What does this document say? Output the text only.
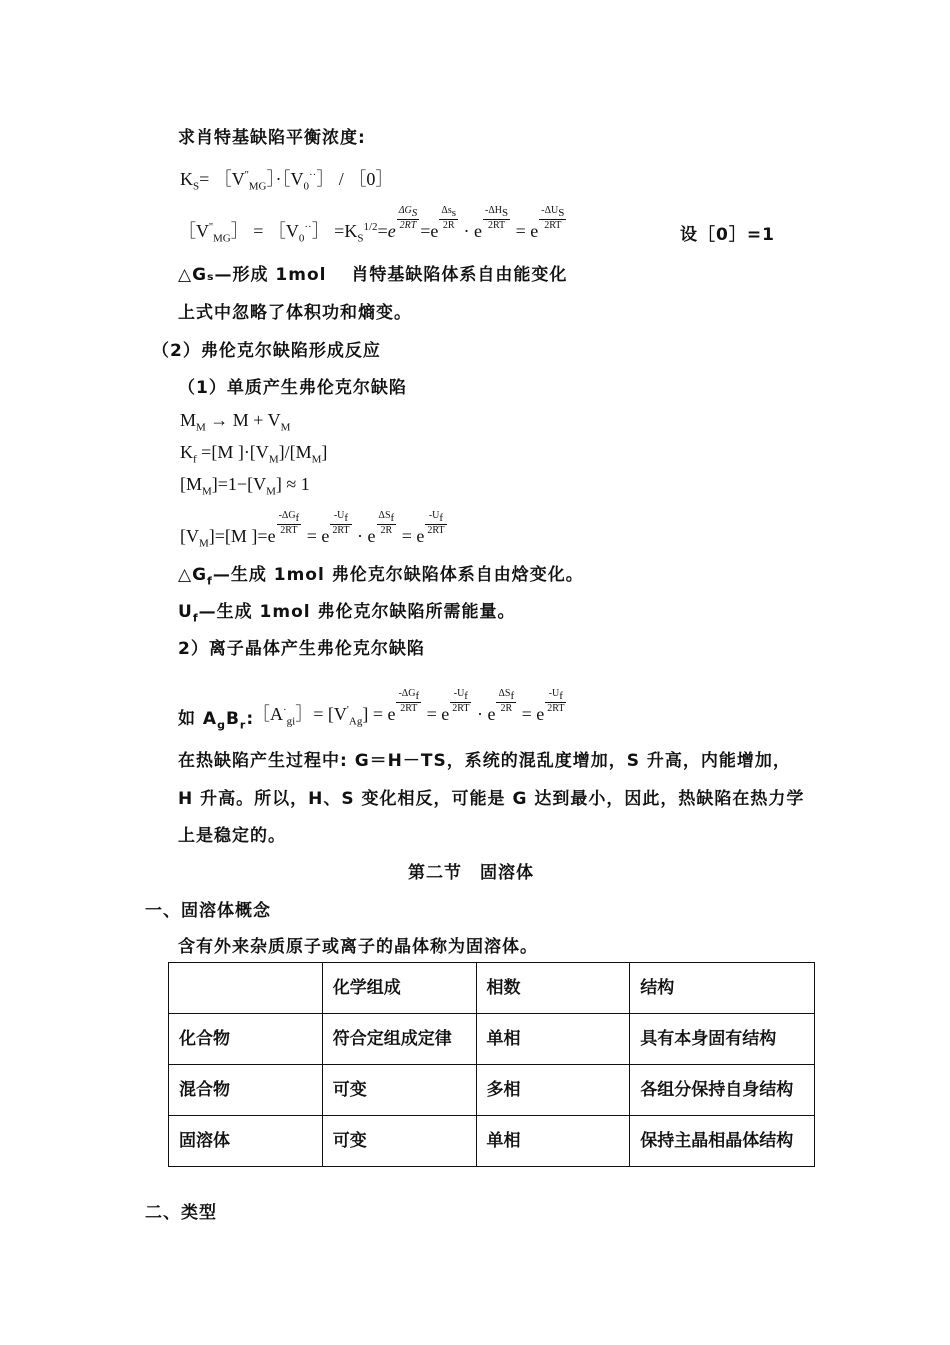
求肖特基缺陷平衡浓度:
$K_S=$ $[V''_{MG}]\cdot[V_0^{\cdot\cdot}]$ / ［0］
$[V''_{MG}]$ = $[V_0^{\cdot\cdot}] =K_S^{1/2}=e \frac{\Delta G_S}{2RT} =e \frac{\Delta s_s}{2R} \cdot e \frac{-\Delta H_S}{2RT} = e \frac{-\Delta U_S}{2RT}$
设［0］=1
△Gₛ—形成 1mol　 肖特基缺陷体系自由能变化
上式中忽略了体积功和熵变。
（2）弗伦克尔缺陷形成反应
（1）单质产生弗伦克尔缺陷
$M_M \to M + V_M$
$K_f =[M$ ]$\cdot[V_M]/[M_M]$
$[M_M]=1-[V_M] \approx 1$
$[V_M]=[M$ ]$=e \frac{-\Delta G_f}{2RT} = e \frac{-U_f}{2RT} \cdot e \frac{\Delta S_f}{2R} = e \frac{-U_f}{2RT}$
$\triangle G_f—$生成 1mol 弗伦克尔缺陷体系自由焓变化。
$U_f—$生成 1mol 弗伦克尔缺陷所需能量。
2）离子晶体产生弗伦克尔缺陷
如 $A_gB_r$:
$[A^\cdot_{gi}]= [V'_{Ag}] = e \frac{-\Delta G_f}{2RT} = e \frac{-U_f}{2RT} \cdot e \frac{\Delta S_f}{2R} = e \frac{-U_f}{2RT}$
在热缺陷产生过程中: G＝H－TS，系统的混乱度增加，S 升高，内能增加，
H 升高。所以，H、S 变化相反，可能是 G 达到最小，因此，热缺陷在热力学
上是稳定的。
第二节　固溶体
一、固溶体概念
含有外来杂质原子或离子的晶体称为固溶体。
	化学组成	相数	结构
化合物	符合定组成定律	单相	具有本身固有结构
混合物	可变	多相	各组分保持自身结构
固溶体	可变	单相	保持主晶相晶体结构
二、类型
